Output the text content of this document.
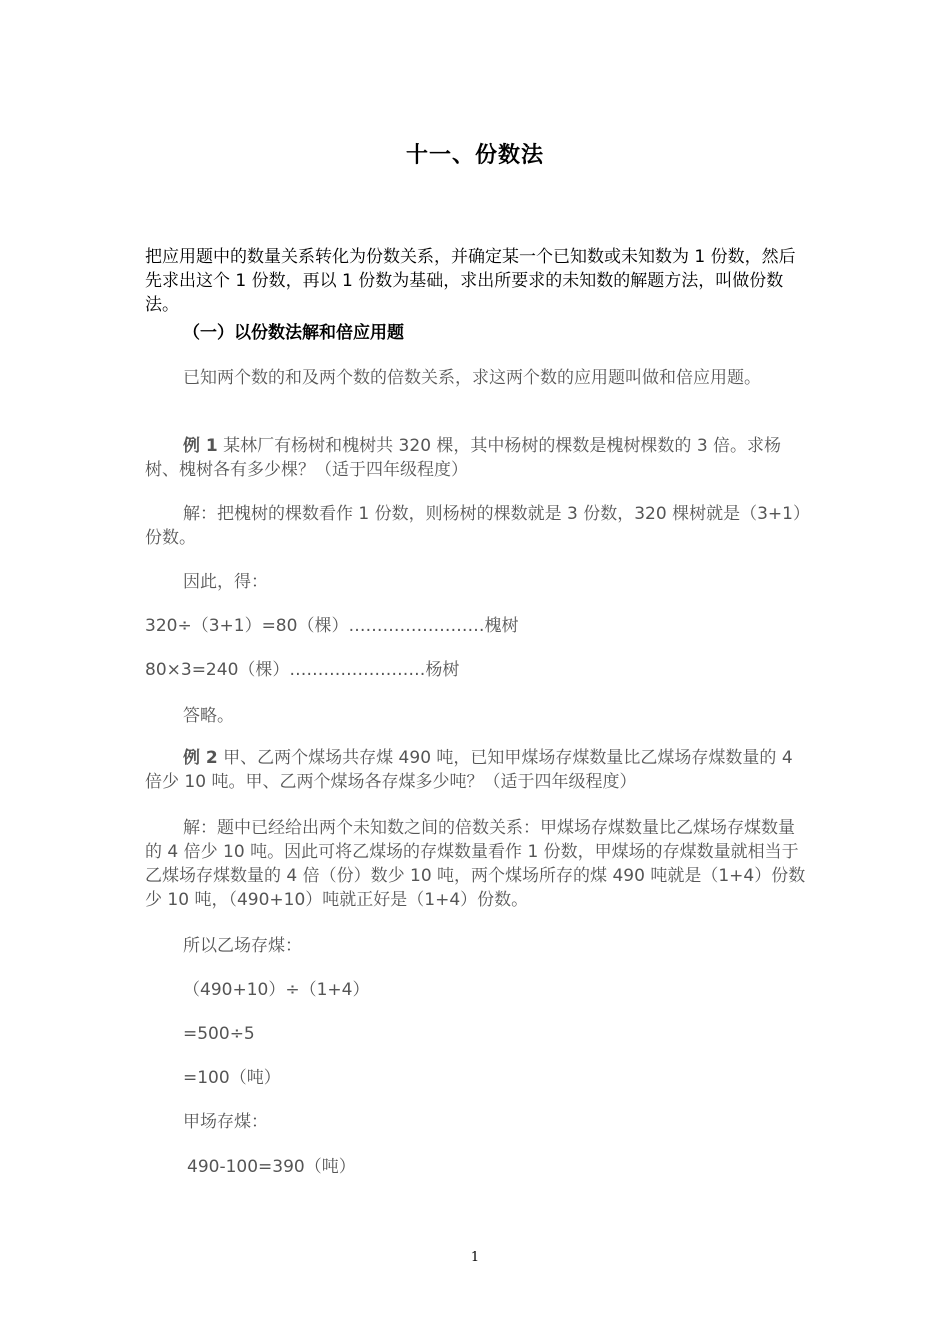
十一、份数法
把应用题中的数量关系转化为份数关系，并确定某一个已知数或未知数为 1 份数，然后先求出这个 1 份数，再以 1 份数为基础，求出所要求的未知数的解题方法，叫做份数法。
（一）以份数法解和倍应用题
已知两个数的和及两个数的倍数关系，求这两个数的应用题叫做和倍应用题。
例 1 某林厂有杨树和槐树共 320 棵，其中杨树的棵数是槐树棵数的 3 倍。求杨树、槐树各有多少棵？（适于四年级程度）
解：把槐树的棵数看作 1 份数，则杨树的棵数就是 3 份数，320 棵树就是（3+1）份数。
因此，得：
320÷（3+1）=80（棵）……………………槐树
80×3=240（棵）……………………杨树
答略。
例 2 甲、乙两个煤场共存煤 490 吨，已知甲煤场存煤数量比乙煤场存煤数量的 4 倍少 10 吨。甲、乙两个煤场各存煤多少吨？（适于四年级程度）
解：题中已经给出两个未知数之间的倍数关系：甲煤场存煤数量比乙煤场存煤数量的 4 倍少 10 吨。因此可将乙煤场的存煤数量看作 1 份数，甲煤场的存煤数量就相当于乙煤场存煤数量的 4 倍（份）数少 10 吨，两个煤场所存的煤 490 吨就是（1+4）份数少 10 吨，（490+10）吨就正好是（1+4）份数。
所以乙场存煤：
（490+10）÷（1+4）
=500÷5
=100（吨）
甲场存煤：
490-100=390（吨）
1
